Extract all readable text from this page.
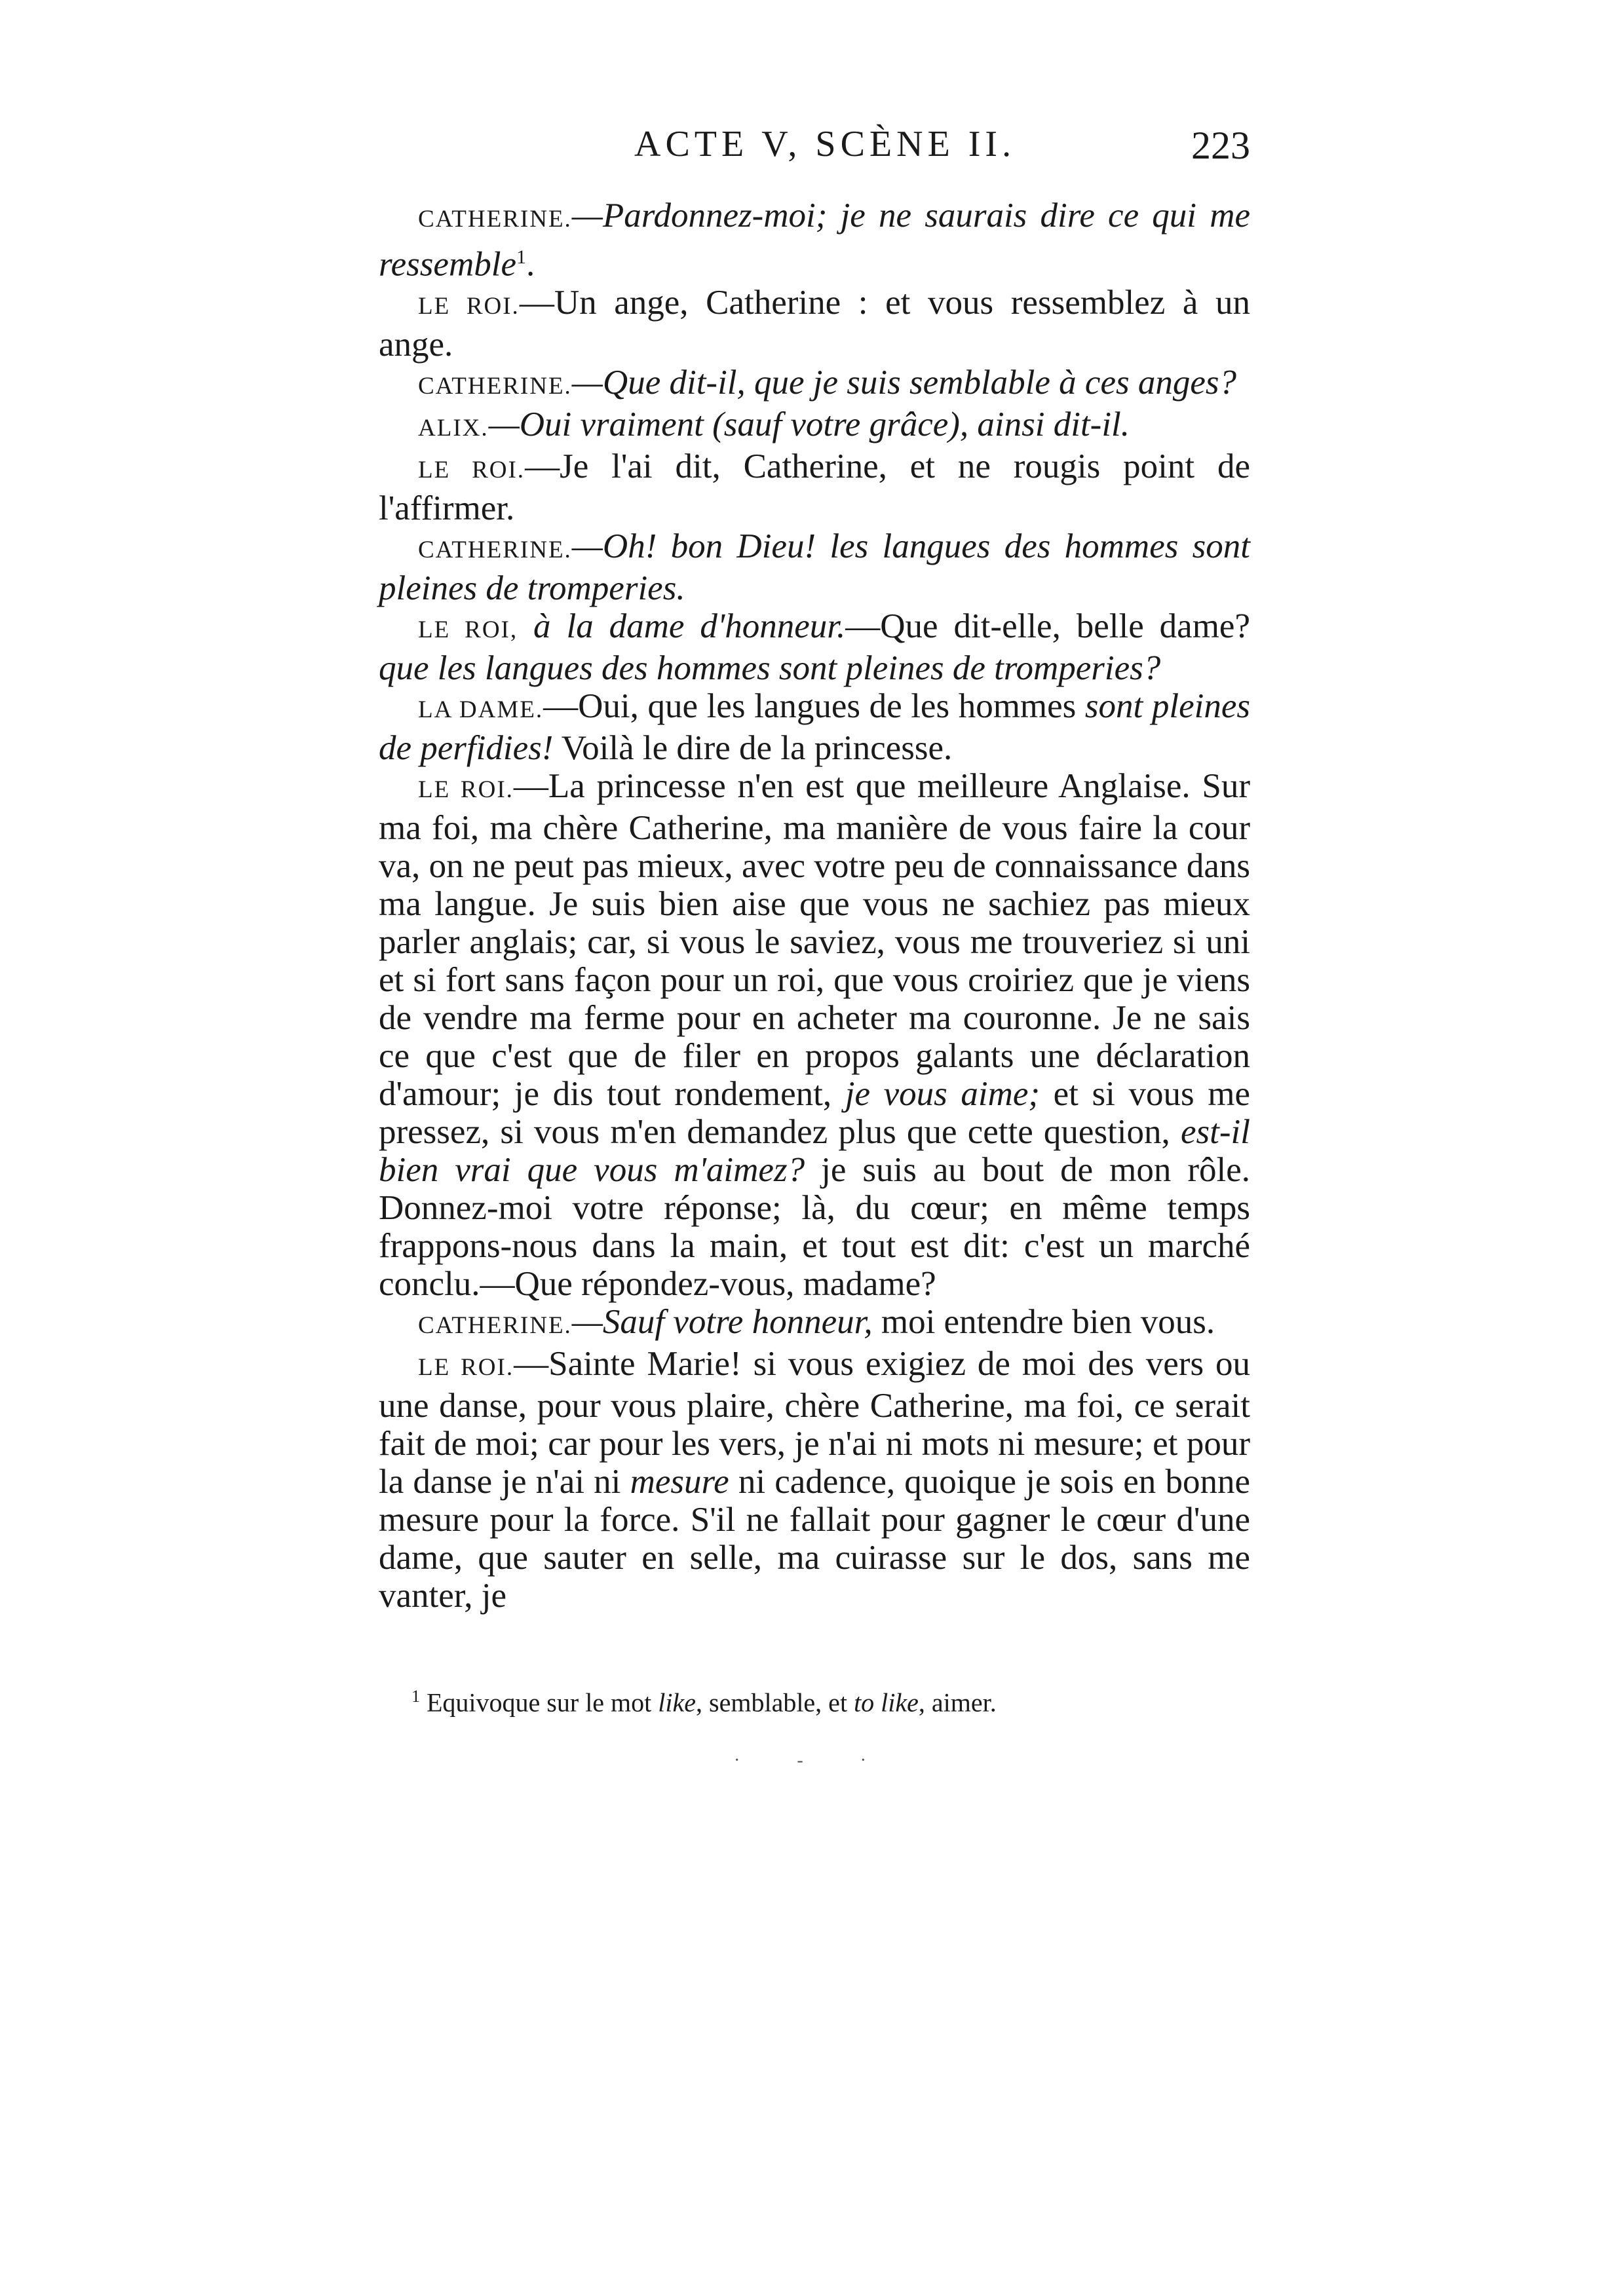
ACTE V, SCÈNE II.	223

CATHERINE.—Pardonnez-moi; je ne saurais dire ce qui me ressemble$^1$.

LE ROI.—Un ange, Catherine : et vous ressemblez à un ange.

CATHERINE.—Que dit-il, que je suis semblable à ces anges?

ALIX.—Oui vraiment (sauf votre grâce), ainsi dit-il.

LE ROI.—Je l'ai dit, Catherine, et ne rougis point de l'affirmer.

CATHERINE.—Oh! bon Dieu! les langues des hommes sont pleines de tromperies.

LE ROI, à la dame d'honneur.—Que dit-elle, belle dame? que les langues des hommes sont pleines de tromperies?

LA DAME.—Oui, que les langues de les hommes sont pleines de perfidies! Voilà le dire de la princesse.

LE ROI.—La princesse n'en est que meilleure Anglaise. Sur ma foi, ma chère Catherine, ma manière de vous faire la cour va, on ne peut pas mieux, avec votre peu de connaissance dans ma langue. Je suis bien aise que vous ne sachiez pas mieux parler anglais; car, si vous le saviez, vous me trouveriez si uni et si fort sans façon pour un roi, que vous croiriez que je viens de vendre ma ferme pour en acheter ma couronne. Je ne sais ce que c'est que de filer en propos galants une déclaration d'amour; je dis tout rondement, je vous aime; et si vous me pressez, si vous m'en demandez plus que cette question, est-il bien vrai que vous m'aimez? je suis au bout de mon rôle. Donnez-moi votre réponse; là, du cœur; en même temps frappons-nous dans la main, et tout est dit: c'est un marché conclu.—Que répondez-vous, madame?

CATHERINE.—Sauf votre honneur, moi entendre bien vous.

LE ROI.—Sainte Marie! si vous exigiez de moi des vers ou une danse, pour vous plaire, chère Catherine, ma foi, ce serait fait de moi; car pour les vers, je n'ai ni mots ni mesure; et pour la danse je n'ai ni mesure ni cadence, quoique je sois en bonne mesure pour la force. S'il ne fallait pour gagner le cœur d'une dame, que sauter en selle, ma cuirasse sur le dos, sans me vanter, je

$^1$ Equivoque sur le mot like, semblable, et to like, aimer.
· ‐ ·
